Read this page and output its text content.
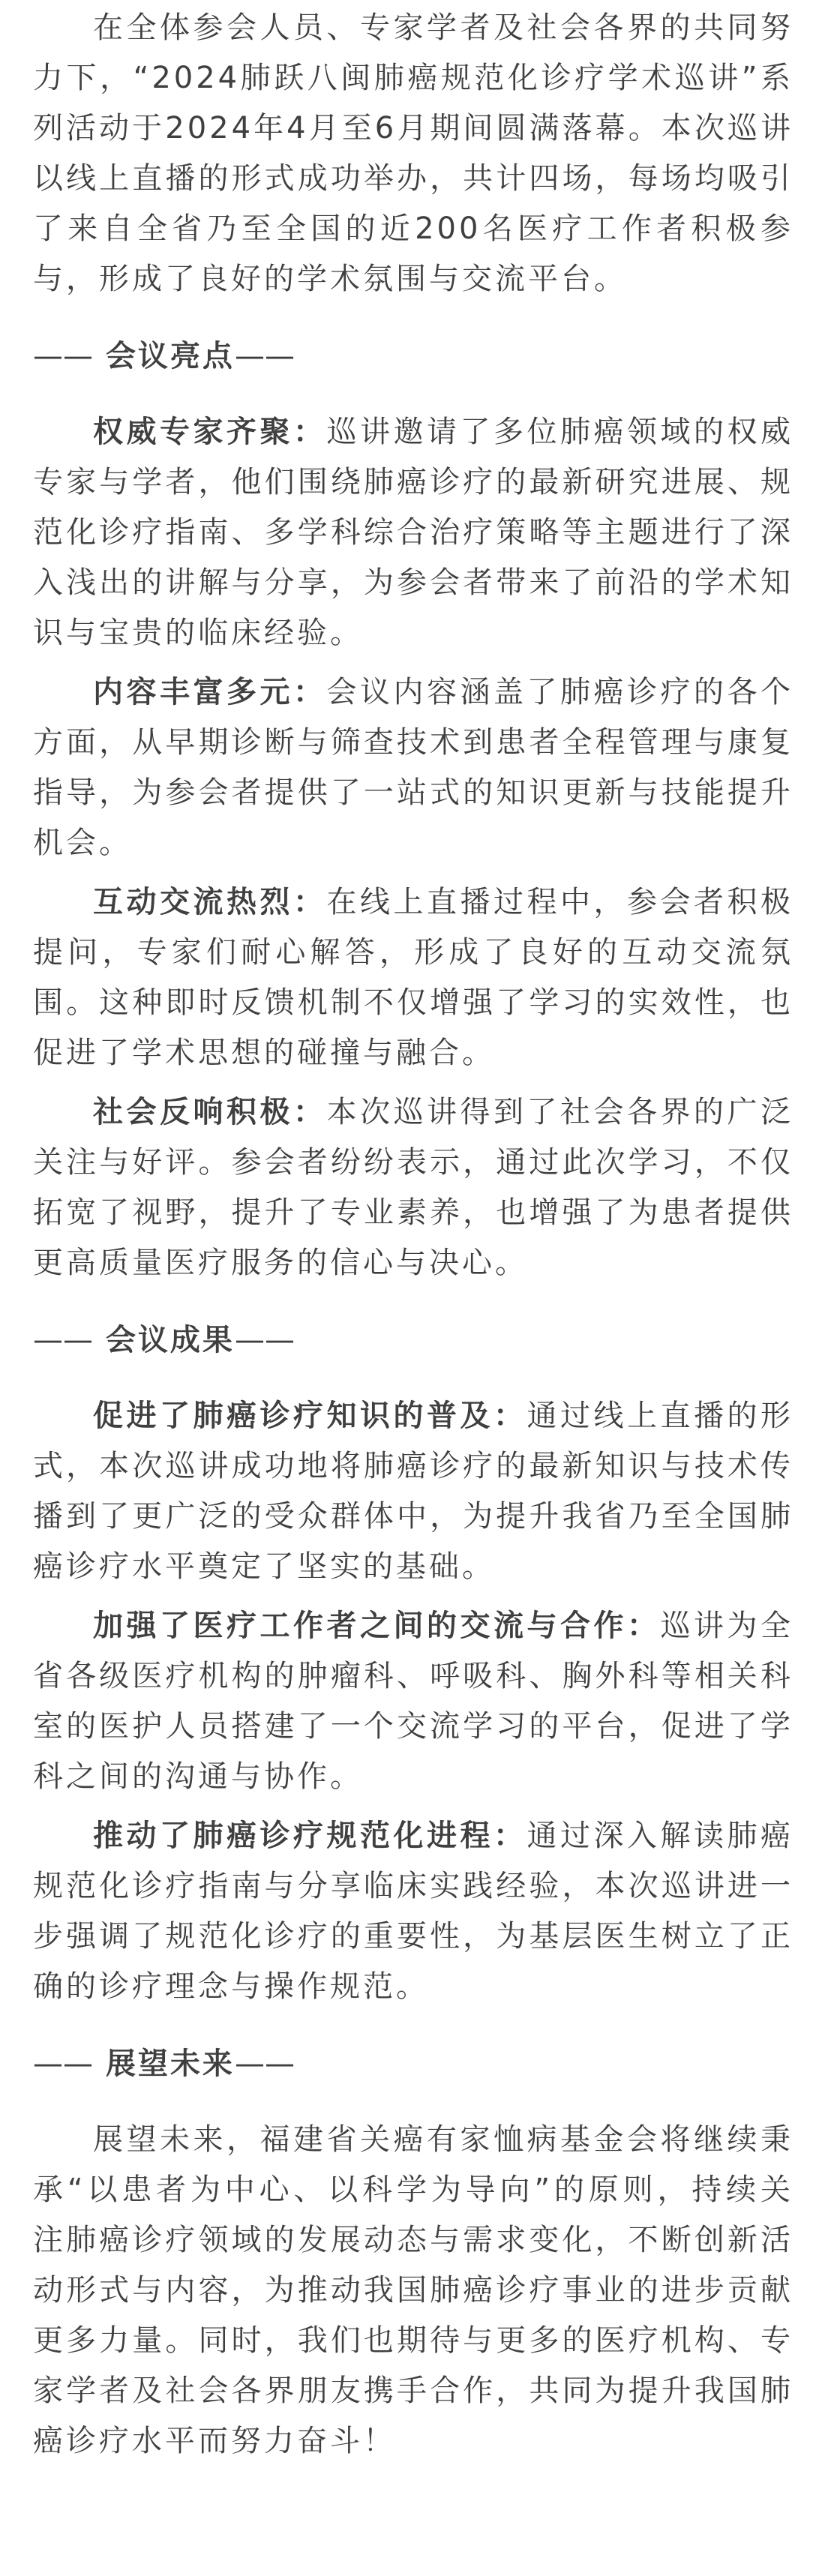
在全体参会人员、专家学者及社会各界的共同努力下，“2024肺跃八闽肺癌规范化诊疗学术巡讲”系列活动于2024年4月至6月期间圆满落幕。本次巡讲以线上直播的形式成功举办，共计四场，每场均吸引了来自全省乃至全国的近200名医疗工作者积极参与，形成了良好的学术氛围与交流平台。

—— 会议亮点——

权威专家齐聚：巡讲邀请了多位肺癌领域的权威专家与学者，他们围绕肺癌诊疗的最新研究进展、规范化诊疗指南、多学科综合治疗策略等主题进行了深入浅出的讲解与分享，为参会者带来了前沿的学术知识与宝贵的临床经验。

内容丰富多元：会议内容涵盖了肺癌诊疗的各个方面，从早期诊断与筛查技术到患者全程管理与康复指导，为参会者提供了一站式的知识更新与技能提升机会。

互动交流热烈：在线上直播过程中，参会者积极提问，专家们耐心解答，形成了良好的互动交流氛围。这种即时反馈机制不仅增强了学习的实效性，也促进了学术思想的碰撞与融合。

社会反响积极：本次巡讲得到了社会各界的广泛关注与好评。参会者纷纷表示，通过此次学习，不仅拓宽了视野，提升了专业素养，也增强了为患者提供更高质量医疗服务的信心与决心。

—— 会议成果——

促进了肺癌诊疗知识的普及：通过线上直播的形式，本次巡讲成功地将肺癌诊疗的最新知识与技术传播到了更广泛的受众群体中，为提升我省乃至全国肺癌诊疗水平奠定了坚实的基础。

加强了医疗工作者之间的交流与合作：巡讲为全省各级医疗机构的肿瘤科、呼吸科、胸外科等相关科室的医护人员搭建了一个交流学习的平台，促进了学科之间的沟通与协作。

推动了肺癌诊疗规范化进程：通过深入解读肺癌规范化诊疗指南与分享临床实践经验，本次巡讲进一步强调了规范化诊疗的重要性，为基层医生树立了正确的诊疗理念与操作规范。

—— 展望未来——

展望未来，福建省关癌有家恤病基金会将继续秉承“以患者为中心、以科学为导向”的原则，持续关注肺癌诊疗领域的发展动态与需求变化，不断创新活动形式与内容，为推动我国肺癌诊疗事业的进步贡献更多力量。同时，我们也期待与更多的医疗机构、专家学者及社会各界朋友携手合作，共同为提升我国肺癌诊疗水平而努力奋斗！
